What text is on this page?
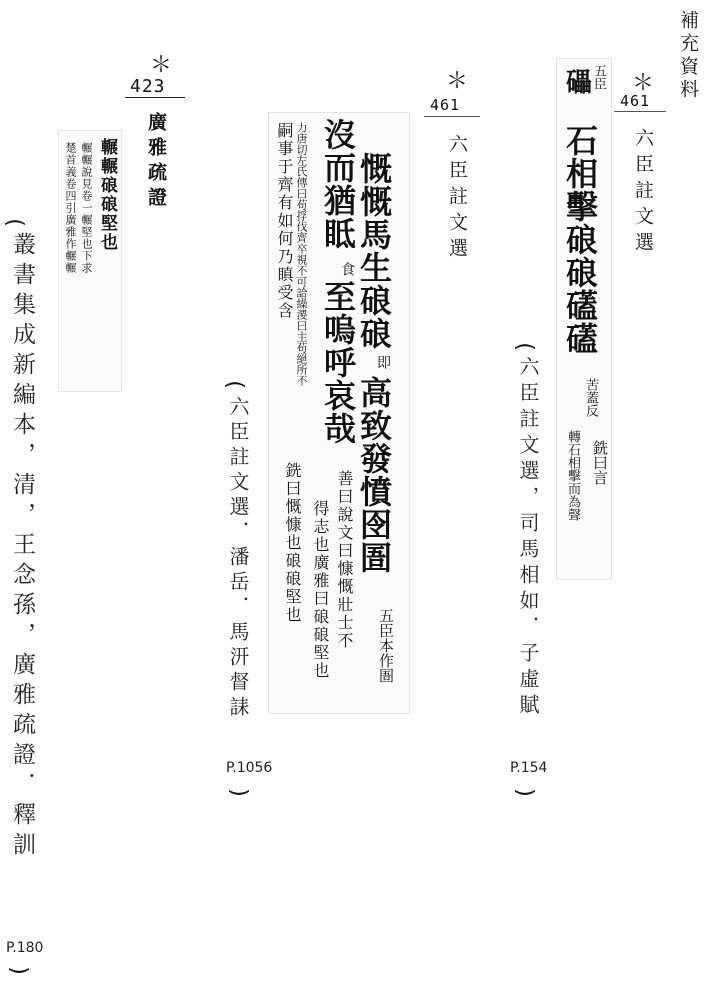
補充資料
＊
423
廣雅疏證
輾輾硠硠堅也
輾輾說見卷一輾堅也下求
楚首義卷四引廣雅作輾輾
(
叢書集成新編本，清，王念孫，廣雅疏證．釋訓
P.180
)
＊
461
六臣註文選
慨慨馬生硠硠
即
高致發憤囹圄
五臣本作圄
沒而猶眡
食
至嗚呼哀哉
善曰說文曰慷慨壯士不
得志也廣雅曰硠硠堅也
銑曰慨慷也硠硠堅也
力唐切左氏傳曰苟捊伐齊卒視不可詥繰溭曰主苟絕所不
嗣事于齊有如何乃瞋受含
(
六臣註文選．潘岳．馬汧督誄
P.1056
)
＊
461
六臣註文選
礧
五臣
石相擊硠硠礚礚
苦蓋反
銑曰言
轉石相擊而為聲
(
六臣註文選，司馬相如．子虛賦
P.154
)
